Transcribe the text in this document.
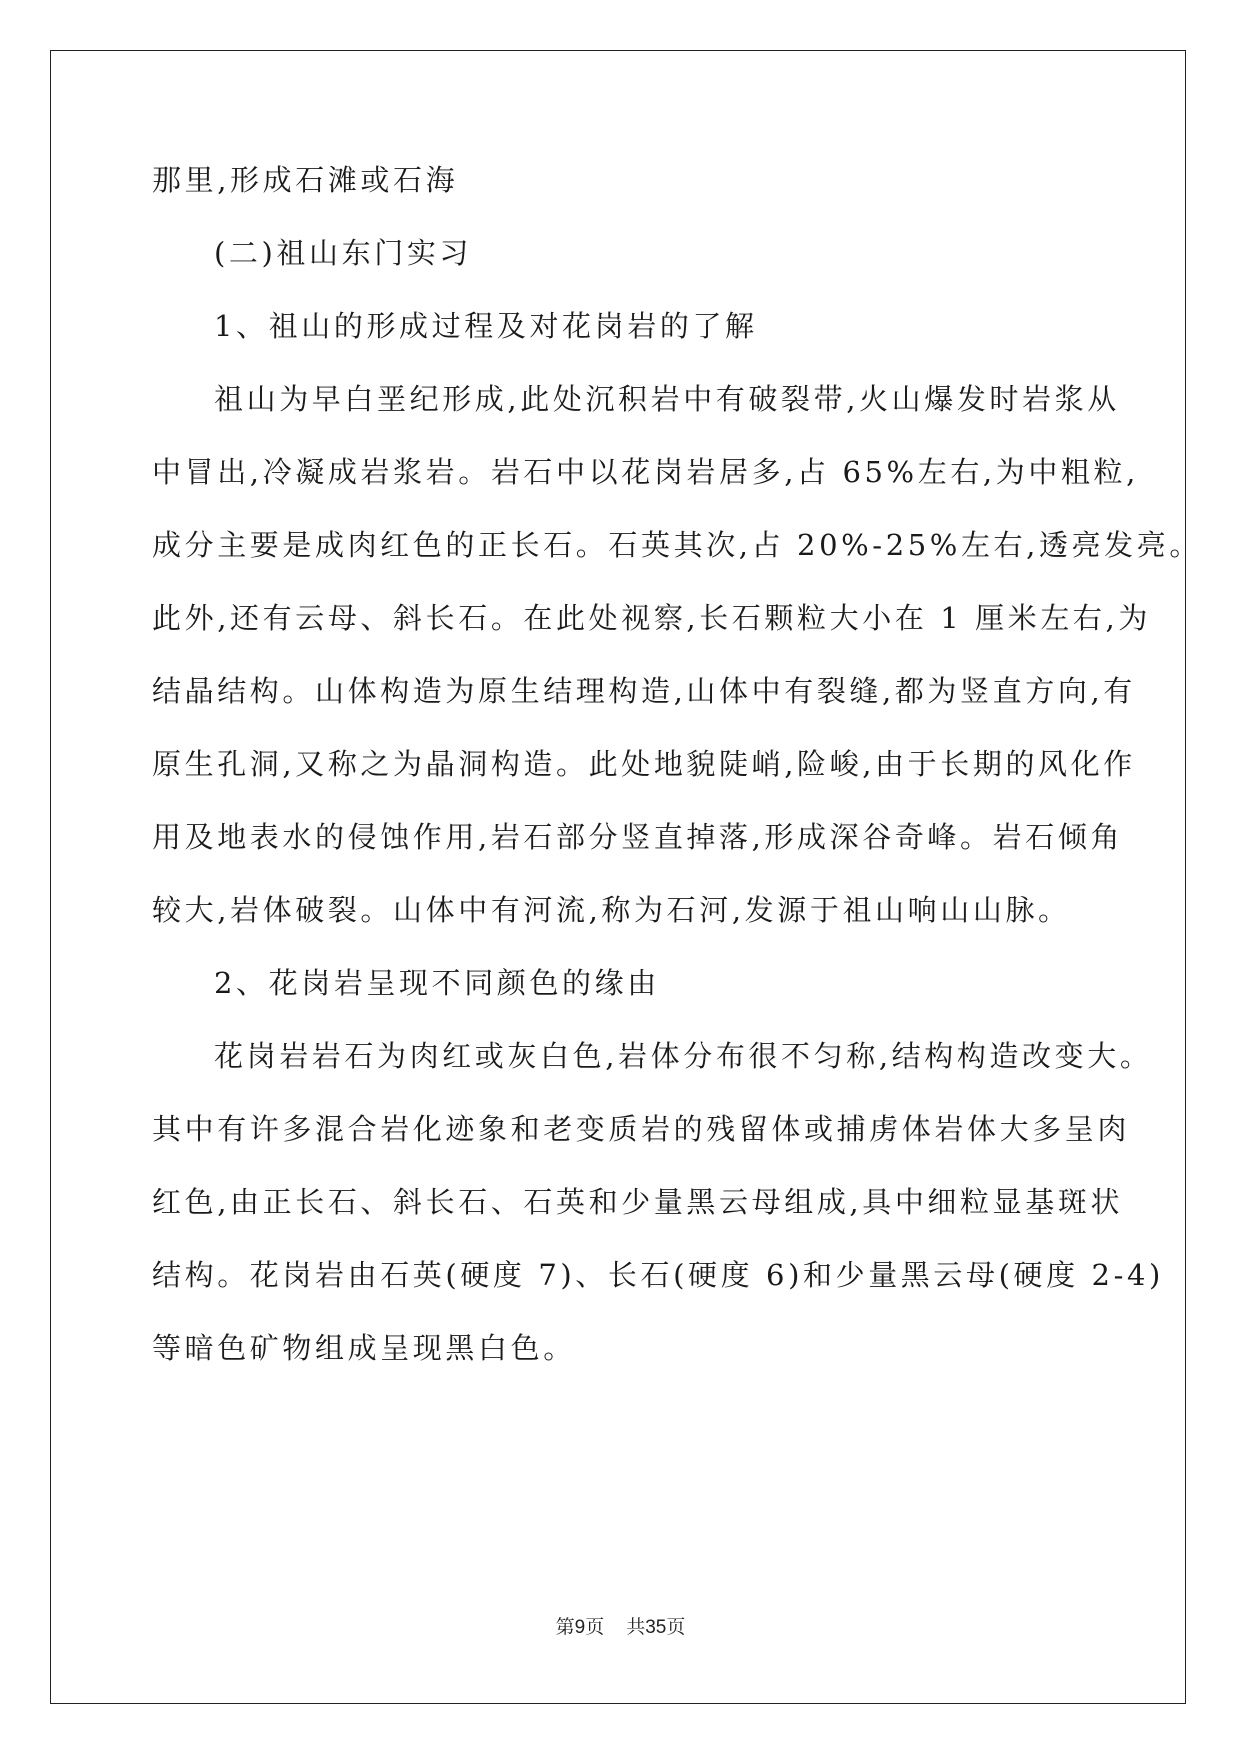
那里,形成石滩或石海
(二)祖山东门实习
1、祖山的形成过程及对花岗岩的了解
祖山为早白垩纪形成,此处沉积岩中有破裂带,火山爆发时岩浆从
中冒出,冷凝成岩浆岩。岩石中以花岗岩居多,占 65%左右,为中粗粒,
成分主要是成肉红色的正长石。石英其次,占 20%-25%左右,透亮发亮。
此外,还有云母、斜长石。在此处视察,长石颗粒大小在 1 厘米左右,为
结晶结构。山体构造为原生结理构造,山体中有裂缝,都为竖直方向,有
原生孔洞,又称之为晶洞构造。此处地貌陡峭,险峻,由于长期的风化作
用及地表水的侵蚀作用,岩石部分竖直掉落,形成深谷奇峰。岩石倾角
较大,岩体破裂。山体中有河流,称为石河,发源于祖山响山山脉。
2、花岗岩呈现不同颜色的缘由
花岗岩岩石为肉红或灰白色,岩体分布很不匀称,结构构造改变大。
其中有许多混合岩化迹象和老变质岩的残留体或捕虏体岩体大多呈肉
红色,由正长石、斜长石、石英和少量黑云母组成,具中细粒显基斑状
结构。花岗岩由石英(硬度 7)、长石(硬度 6)和少量黑云母(硬度 2-4)
等暗色矿物组成呈现黑白色。
第9页 共35页
